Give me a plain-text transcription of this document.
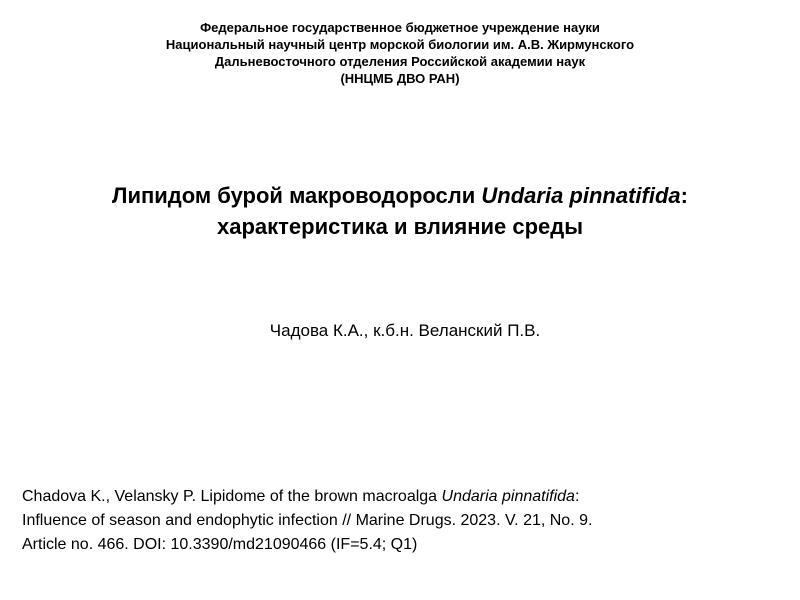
Федеральное государственное бюджетное учреждение науки
Национальный научный центр морской биологии им. А.В. Жирмунского
Дальневосточного отделения Российской академии наук
(ННЦМБ ДВО РАН)
Липидом бурой макроводоросли Undaria pinnatifida:
характеристика и влияние среды
Чадова К.А., к.б.н. Веланский П.В.
Chadova K., Velansky P. Lipidome of the brown macroalga Undaria pinnatifida:
Influence of season and endophytic infection // Marine Drugs. 2023. V. 21, No. 9.
Article no. 466. DOI: 10.3390/md21090466 (IF=5.4; Q1)
